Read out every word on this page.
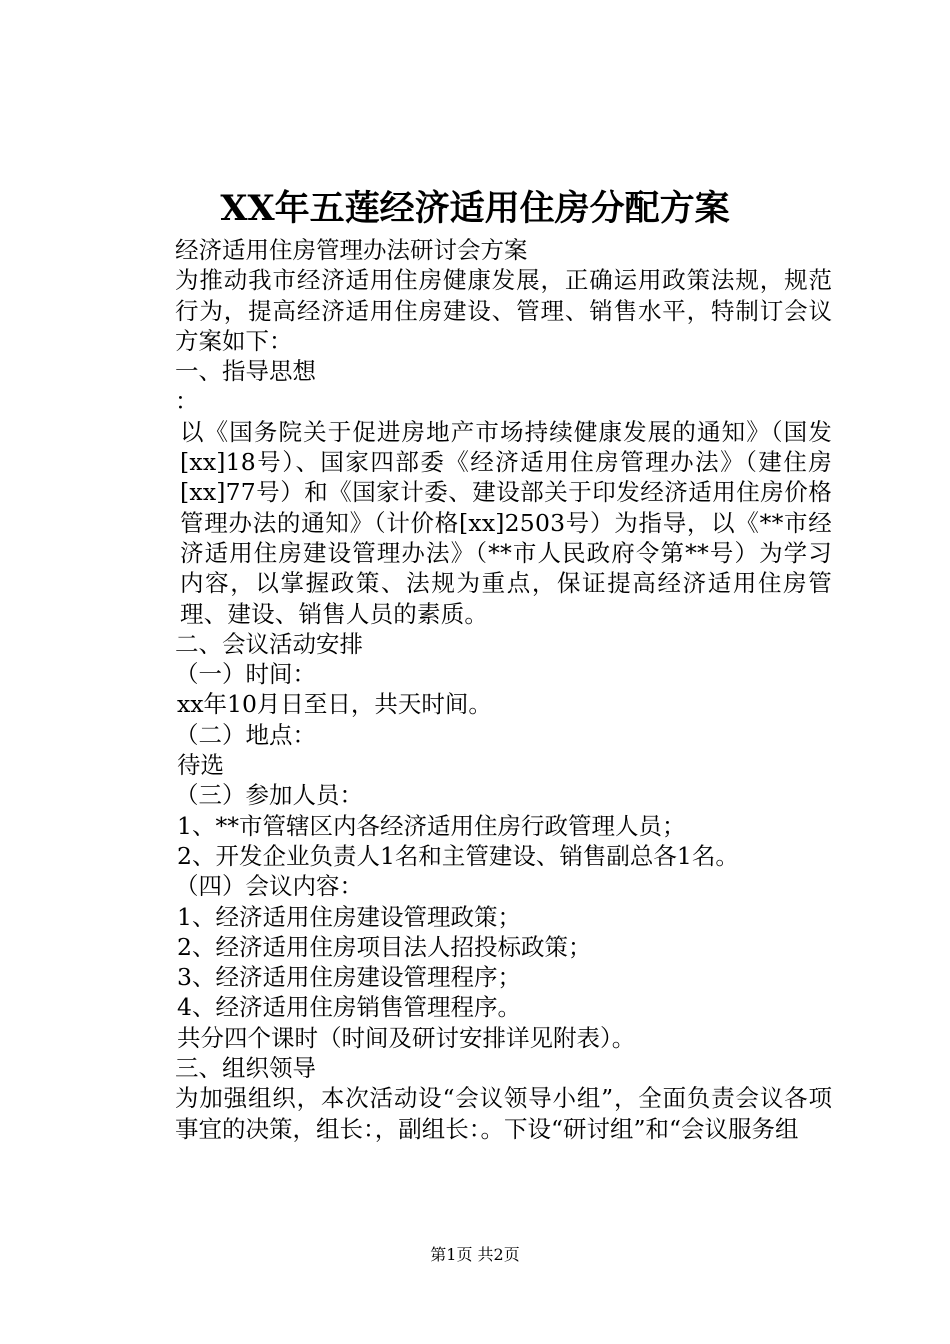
XX年五莲经济适用住房分配方案

经济适用住房管理办法研讨会方案

为推动我市经济适用住房健康发展，正确运用政策法规，规范行为，提高经济适用住房建设、管理、销售水平，特制订会议方案如下：

一、指导思想

：

以《国务院关于促进房地产市场持续健康发展的通知》（国发[xx]18号）、国家四部委《经济适用住房管理办法》（建住房[xx]77号）和《国家计委、建设部关于印发经济适用住房价格管理办法的通知》（计价格[xx]2503号）为指导，以《**市经济适用住房建设管理办法》（**市人民政府令第**号）为学习内容，以掌握政策、法规为重点，保证提高经济适用住房管理、建设、销售人员的素质。

二、会议活动安排

（一）时间：

xx年10月日至日，共天时间。

（二）地点：

待选

（三）参加人员：

1、**市管辖区内各经济适用住房行政管理人员；

2、开发企业负责人1名和主管建设、销售副总各1名。

（四）会议内容：

1、经济适用住房建设管理政策；

2、经济适用住房项目法人招投标政策；

3、经济适用住房建设管理程序；

4、经济适用住房销售管理程序。

共分四个课时（时间及研讨安排详见附表）。

三、组织领导

为加强组织，本次活动设“会议领导小组”，全面负责会议各项事宜的决策，组长：，副组长：。下设“研讨组”和“会议服务组

第1页 共2页
